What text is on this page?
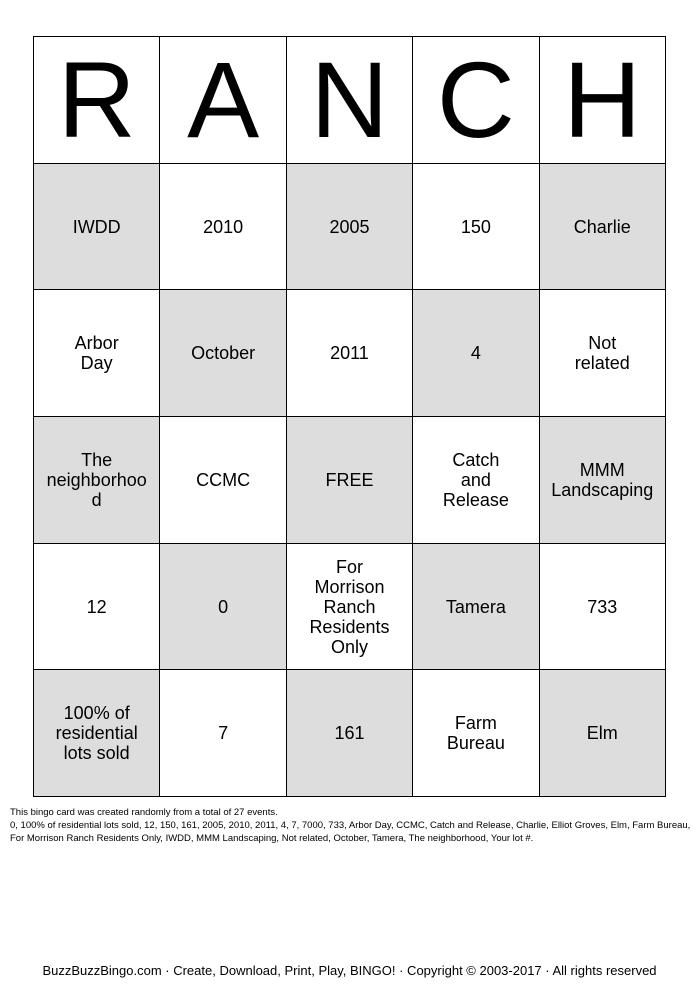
R	A	N	C	H
IWDD	2010	2005	150	Charlie

Arbor Day	October	2011	4	Not related

The neighborhood	CCMC	FREE	Catch and Release	MMM Landscaping

12	0	For Morrison Ranch Residents Only	Tamera	733

100% of residential lots sold	7	161	Farm Bureau	Elm

This bingo card was created randomly from a total of 27 events.

0, 100% of residential lots sold, 12, 150, 161, 2005, 2010, 2011, 4, 7, 7000, 733, Arbor Day, CCMC, Catch and Release, Charlie, Elliot Groves, Elm, Farm Bureau, For Morrison Ranch Residents Only, IWDD, MMM Landscaping, Not related, October, Tamera, The neighborhood, Your lot #.

BuzzBuzzBingo.com · Create, Download, Print, Play, BINGO! · Copyright © 2003-2017 · All rights reserved
